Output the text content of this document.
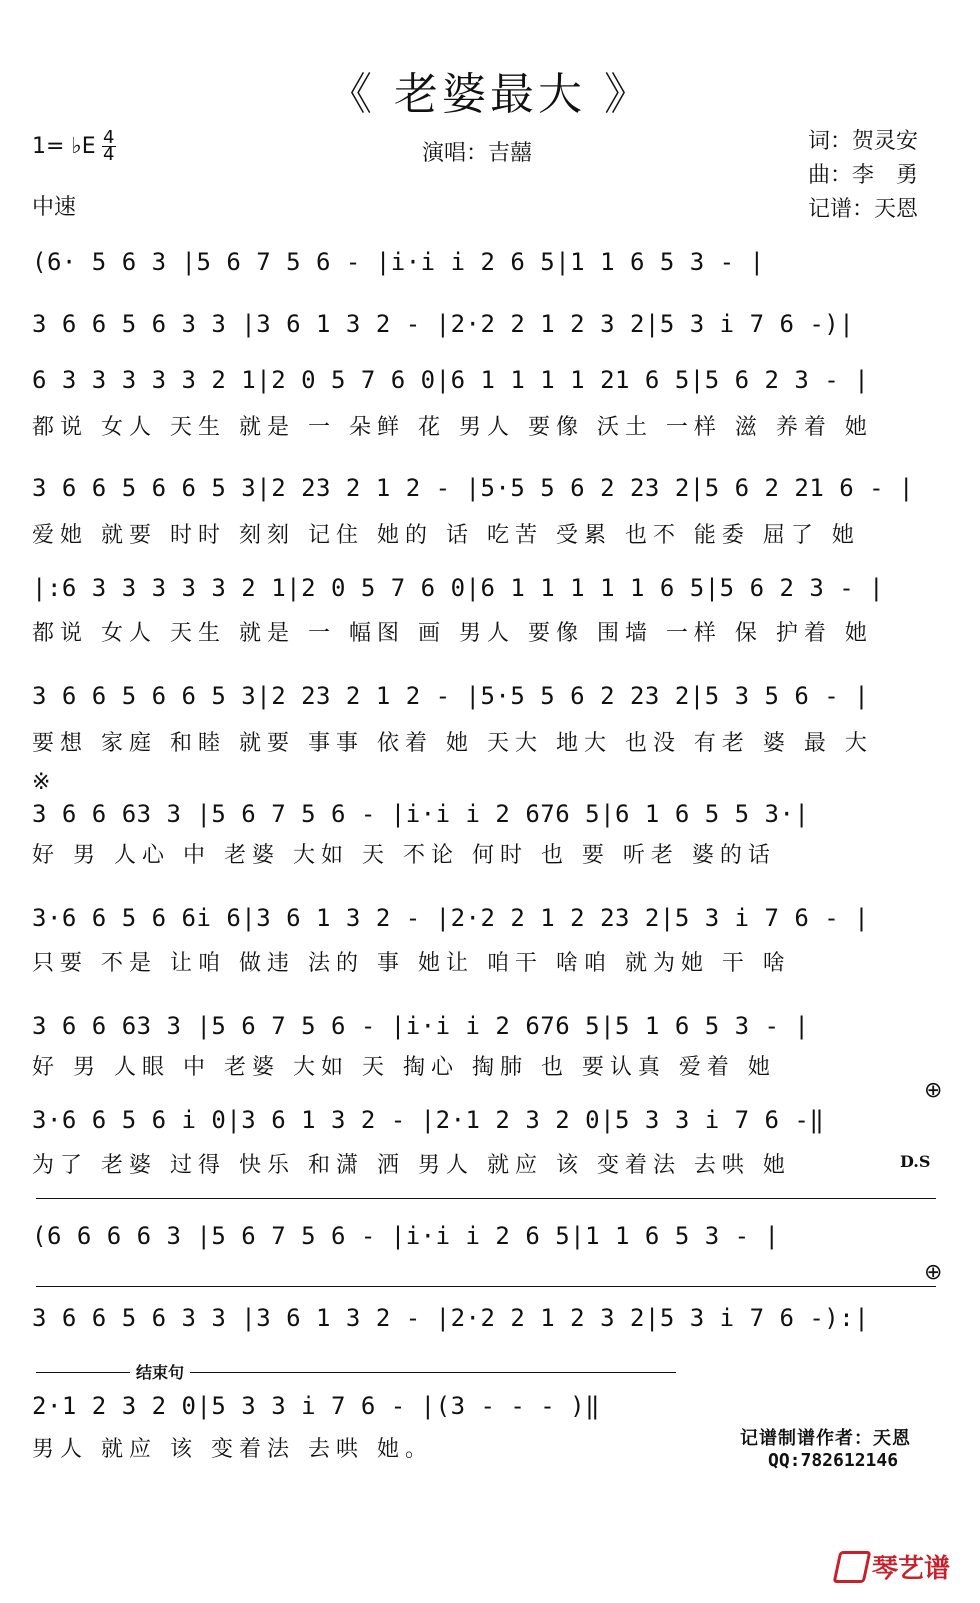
《 老婆最大 》
1= ♭E 4
4
中速
演唱：吉囍	词：贺灵安
曲：李　勇
记谱：天恩
(6· 5 6 3 |5 6 7 5 6 - |i·i i 2 6 5|1 1 6 5 3 - |
3 6 6 5 6 3 3 |3 6 1 3 2 - |2·2 2 1 2 3 2|5 3 i 7 6 -)|
6 3 3 3 3 3 2 1|2 0 5 7 6 0|6 1 1 1 1 21 6 5|5 6 2 3 - |
都说 女人 天生 就是 一 朵鲜 花 男人 要像 沃土 一样 滋 养着 她
3 6 6 5 6 6 5 3|2 23 2 1 2 - |5·5 5 6 2 23 2|5 6 2 21 6 - |
爱她 就要 时时 刻刻 记住 她的 话 吃苦 受累 也不 能委 屈了 她
|:6 3 3 3 3 3 2 1|2 0 5 7 6 0|6 1 1 1 1 1 6 5|5 6 2 3 - |
都说 女人 天生 就是 一 幅图 画 男人 要像 围墙 一样 保 护着 她
3 6 6 5 6 6 5 3|2 23 2 1 2 - |5·5 5 6 2 23 2|5 3 5 6 - |
要想 家庭 和睦 就要 事事 依着 她 天大 地大 也没 有老 婆 最 大
※
3 6 6 63 3 |5 6 7 5 6 - |i·i i 2 676 5|6 1 6 5 5 3·|
好 男 人心 中 老婆 大如 天 不论 何时 也 要 听老 婆的话
3·6 6 5 6 6i 6|3 6 1 3 2 - |2·2 2 1 2 23 2|5 3 i 7 6 - |
只要 不是 让咱 做违 法的 事 她让 咱干 啥咱 就为她 干 啥
3 6 6 63 3 |5 6 7 5 6 - |i·i i 2 676 5|5 1 6 5 3 - |
好 男 人眼 中 老婆 大如 天 掏心 掏肺 也 要认真 爱着 她
⊕
3·6 6 5 6 i 0|3 6 1 3 2 - |2·1 2 3 2 0|5 3 3 i 7 6 -‖
为了 老婆 过得 快乐 和潇 洒 男人 就应 该 变着法 去哄 她	D.S
(6 6 6 6 3 |5 6 7 5 6 - |i·i i 2 6 5|1 1 6 5 3 - |
⊕
3 6 6 5 6 3 3 |3 6 1 3 2 - |2·2 2 1 2 3 2|5 3 i 7 6 -):|
结束句
2·1 2 3 2 0|5 3 3 i 7 6 - |(3 - - - )‖
男人 就应 该 变着法 去哄 她。	记谱制谱作者：天恩
QQ:782612146
琴艺谱
